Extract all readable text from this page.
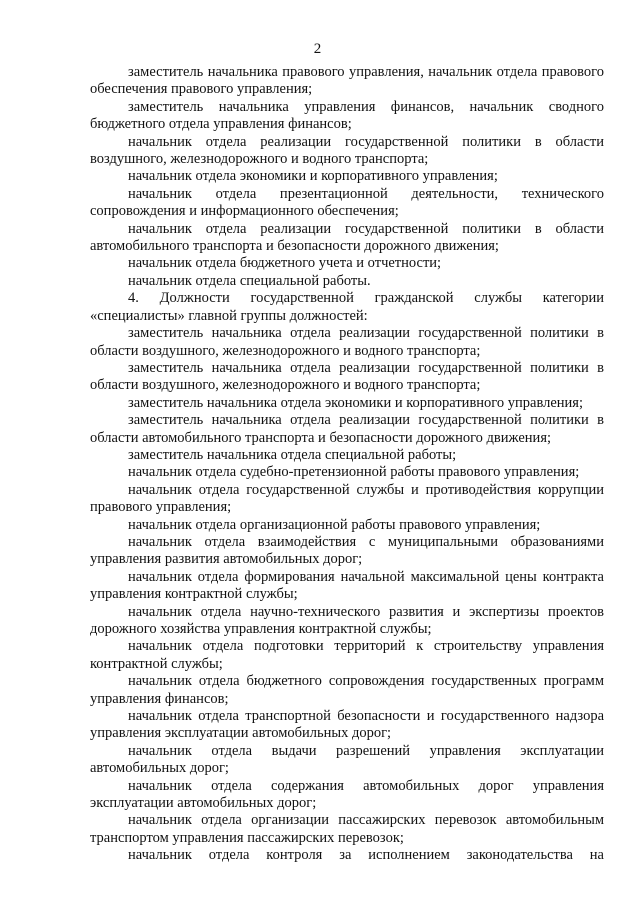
2

заместитель начальника правового управления, начальник отдела правового обеспечения правового управления;

заместитель начальника управления финансов, начальник сводного бюджетного отдела управления финансов;

начальник отдела реализации государственной политики в области воздушного, железнодорожного и водного транспорта;

начальник отдела экономики и корпоративного управления;

начальник отдела презентационной деятельности, технического сопровождения и информационного обеспечения;

начальник отдела реализации государственной политики в области автомобильного транспорта и безопасности дорожного движения;

начальник отдела бюджетного учета и отчетности;

начальник отдела специальной работы.

4. Должности государственной гражданской службы категории «специалисты» главной группы должностей:

заместитель начальника отдела реализации государственной политики в области воздушного, железнодорожного и водного транспорта;

заместитель начальника отдела реализации государственной политики в области воздушного, железнодорожного и водного транспорта;

заместитель начальника отдела экономики и корпоративного управления;

заместитель начальника отдела реализации государственной политики в области автомобильного транспорта и безопасности дорожного движения;

заместитель начальника отдела специальной работы;

начальник отдела судебно-претензионной работы правового управления;

начальник отдела государственной службы и противодействия коррупции правового управления;

начальник отдела организационной работы правового управления;

начальник отдела взаимодействия с муниципальными образованиями управления развития автомобильных дорог;

начальник отдела формирования начальной максимальной цены контракта управления контрактной службы;

начальник отдела научно-технического развития и экспертизы проектов дорожного хозяйства управления контрактной службы;

начальник отдела подготовки территорий к строительству управления контрактной службы;

начальник отдела бюджетного сопровождения государственных программ управления финансов;

начальник отдела транспортной безопасности и государственного надзора управления эксплуатации автомобильных дорог;

начальник отдела выдачи разрешений управления эксплуатации автомобильных дорог;

начальник отдела содержания автомобильных дорог управления эксплуатации автомобильных дорог;

начальник отдела организации пассажирских перевозок автомобильным транспортом управления пассажирских перевозок;

начальник отдела контроля за исполнением законодательства на
